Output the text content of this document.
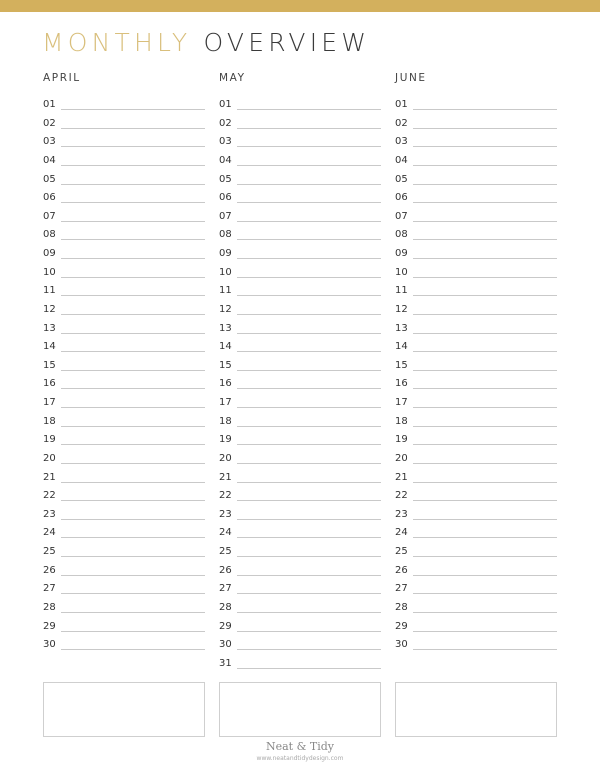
MONTHLY OVERVIEW
APRIL
01
02
03
04
05
06
07
08
09
10
11
12
13
14
15
16
17
18
19
20
21
22
23
24
25
26
27
28
29
30
MAY
01
02
03
04
05
06
07
08
09
10
11
12
13
14
15
16
17
18
19
20
21
22
23
24
25
26
27
28
29
30
31
JUNE
01
02
03
04
05
06
07
08
09
10
11
12
13
14
15
16
17
18
19
20
21
22
23
24
25
26
27
28
29
30
Neat & Tidy
www.neatandtidydesign.com
